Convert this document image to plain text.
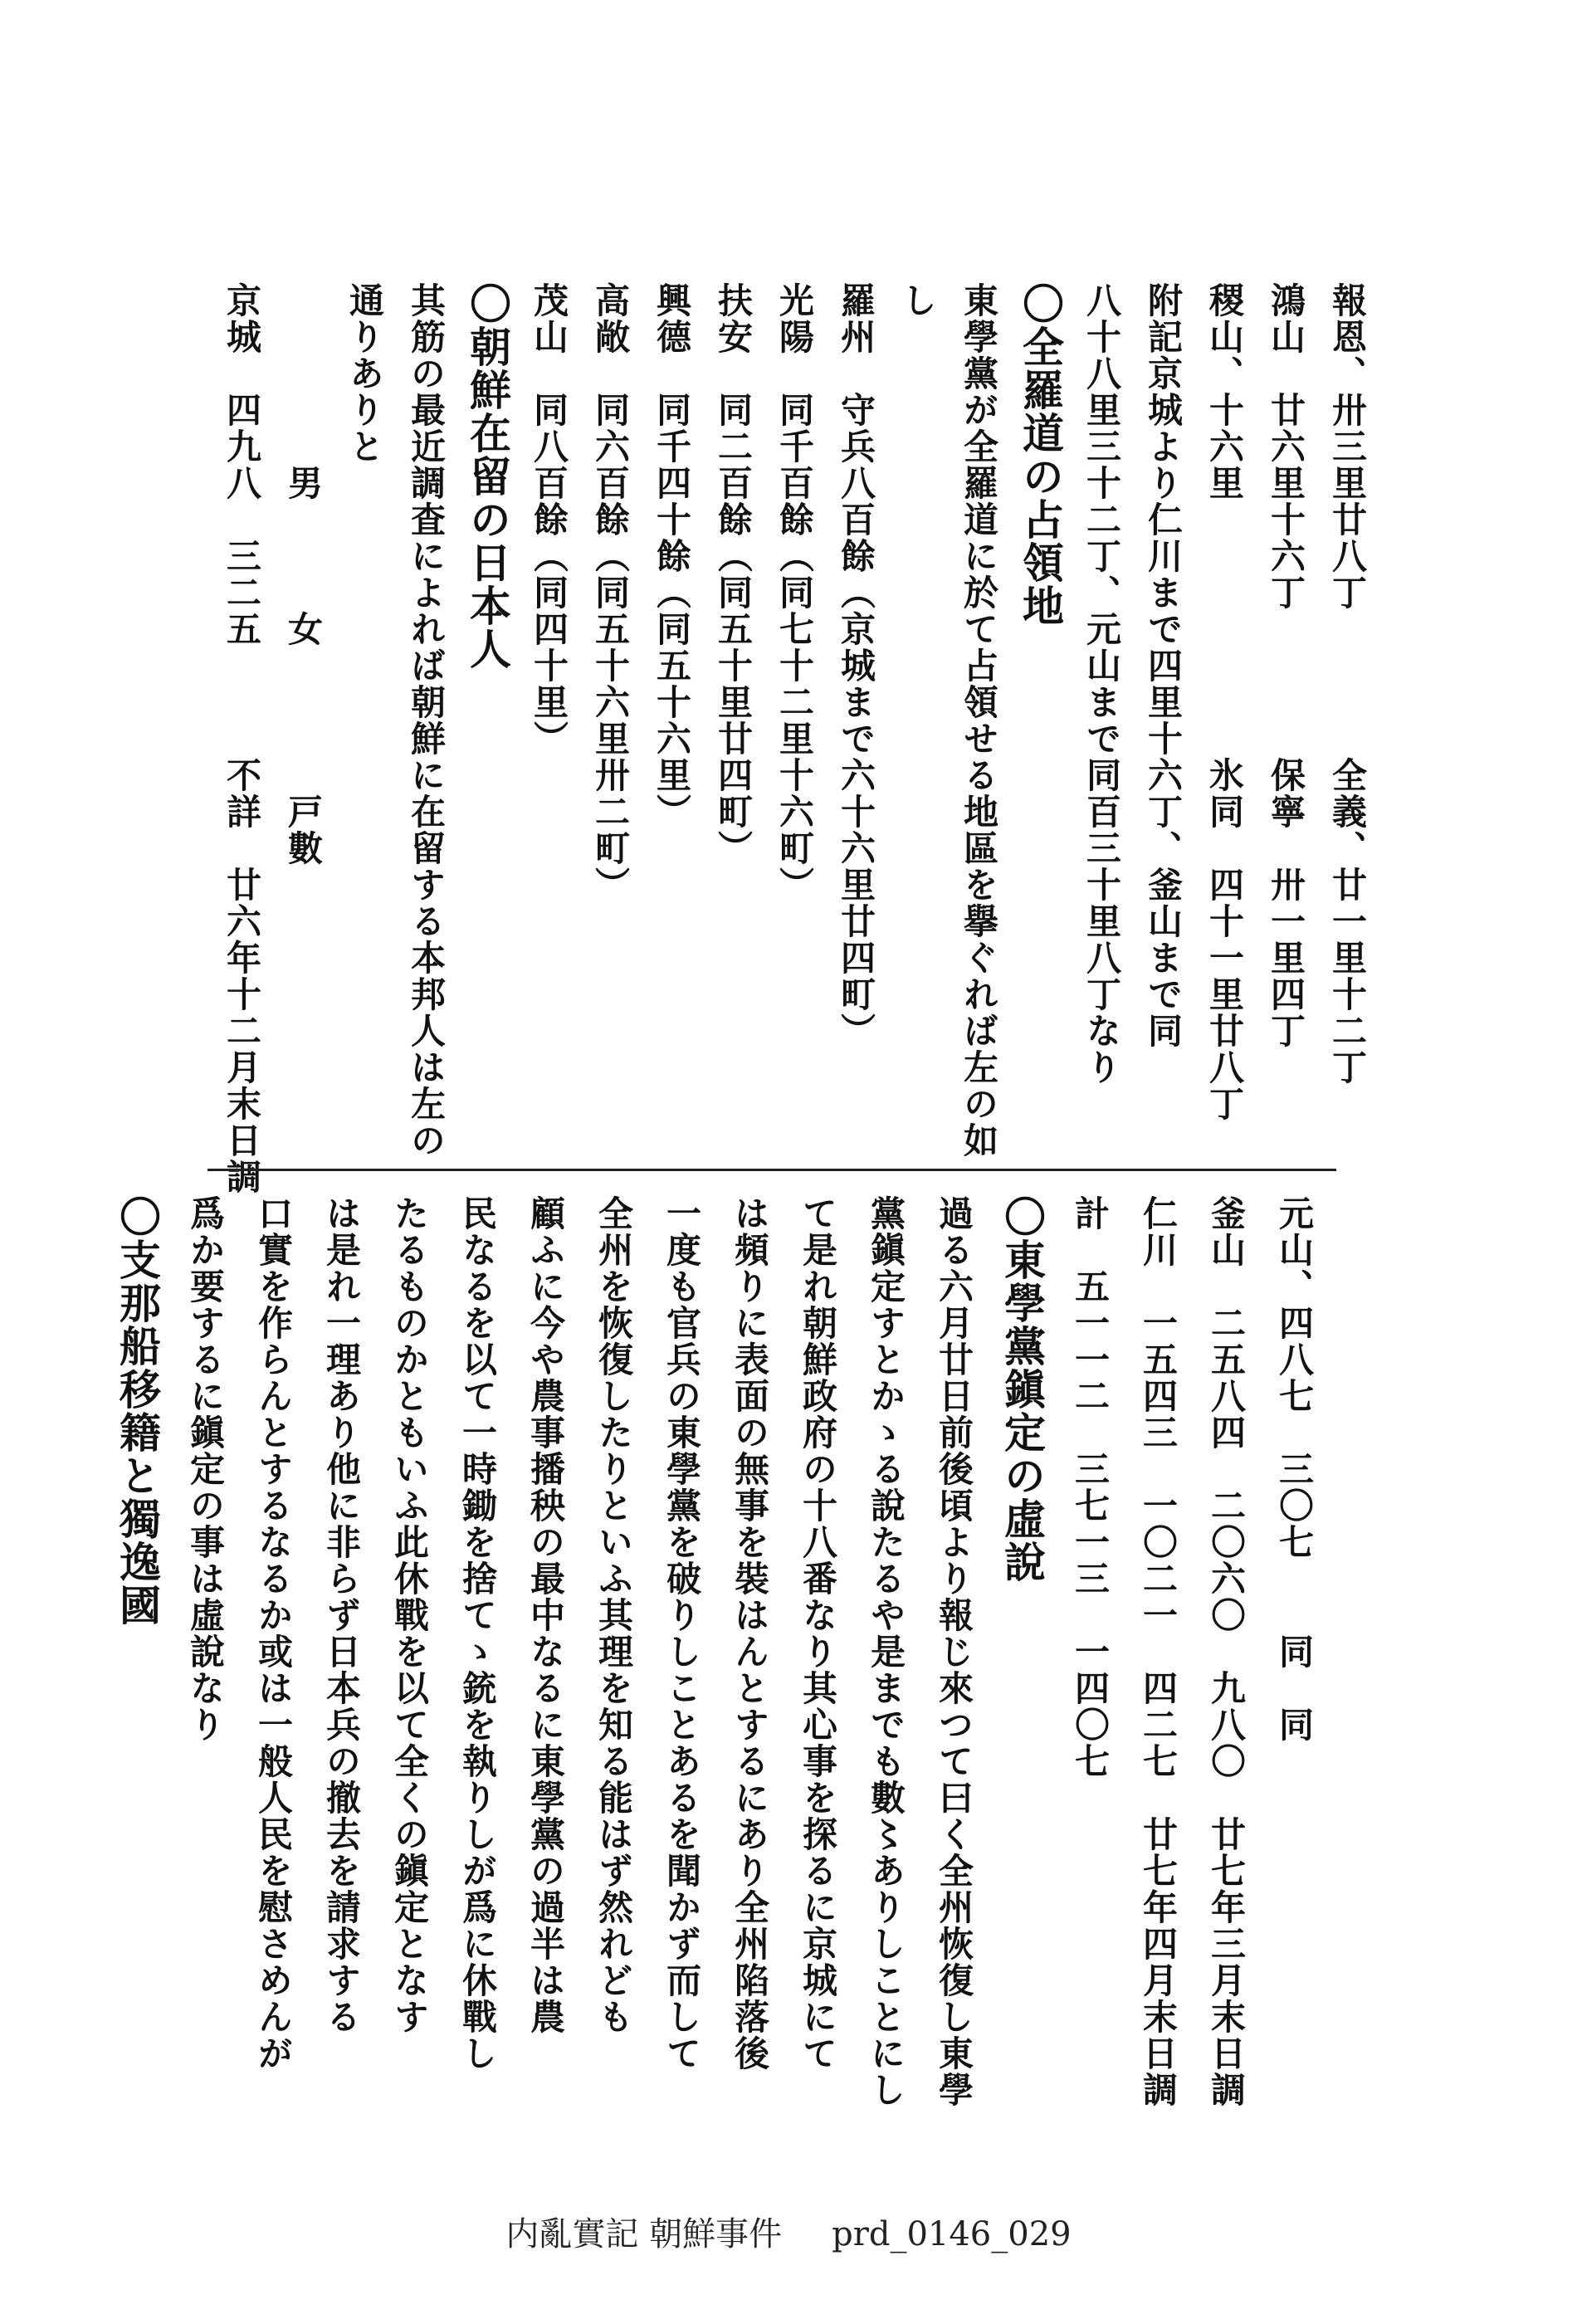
報恩、卅三里廿八丁　　　　全義、廿一里十二丁
鴻山　廿六里十六丁　　　　保寧　卅一里四丁
稷山、十六里　　　　　　　氷同　四十一里廿八丁
附記京城より仁川まで四里十六丁、釜山まで同
八十八里三十二丁、元山まで同百三十里八丁なり
〇全羅道の占領地
東學黨が全羅道に於て占領せる地區を擧ぐれば左の如
し
羅州　守兵八百餘（京城まで六十六里廿四町）
光陽　同千百餘（同七十二里十六町）
扶安　同二百餘（同五十里廿四町）
興德　同千四十餘（同五十六里）
高敞　同六百餘（同五十六里卅二町）
茂山　同八百餘（同四十里）
〇朝鮮在留の日本人
其筋の最近調査によれば朝鮮に在留する本邦人は左の
通りありと
　　　　　男　　　女　　　　戸數
京城　四九八　三二五　　　不詳　廿六年十二月末日調
元山、四八七　三〇七　　同　同
釜山　二五八四　二〇六〇　九八〇　廿七年三月末日調
仁川　一五四三　一〇二一　四二七　廿七年四月末日調
計　五一一二　三七一三　一四〇七
〇東學黨鎭定の虛說
過る六月廿日前後頃より報じ來つて曰く全州恢復し東學
黨鎭定すとかゝる說たるや是までも數〻ありしことにし
て是れ朝鮮政府の十八番なり其心事を探るに京城にて
は頻りに表面の無事を裝はんとするにあり全州陷落後
一度も官兵の東學黨を破りしことあるを聞かず而して
全州を恢復したりといふ其理を知る能はず然れども
顧ふに今や農事播秧の最中なるに東學黨の過半は農
民なるを以て一時鋤を捨てゝ銃を執りしが爲に休戰し
たるものかともいふ此休戰を以て全くの鎭定となす
は是れ一理あり他に非らず日本兵の撤去を請求する
口實を作らんとするなるか或は一般人民を慰さめんが
爲か要するに鎭定の事は虛說なり
〇支那船移籍と獨逸國
内亂實記 朝鮮事件 prd_0146_029
